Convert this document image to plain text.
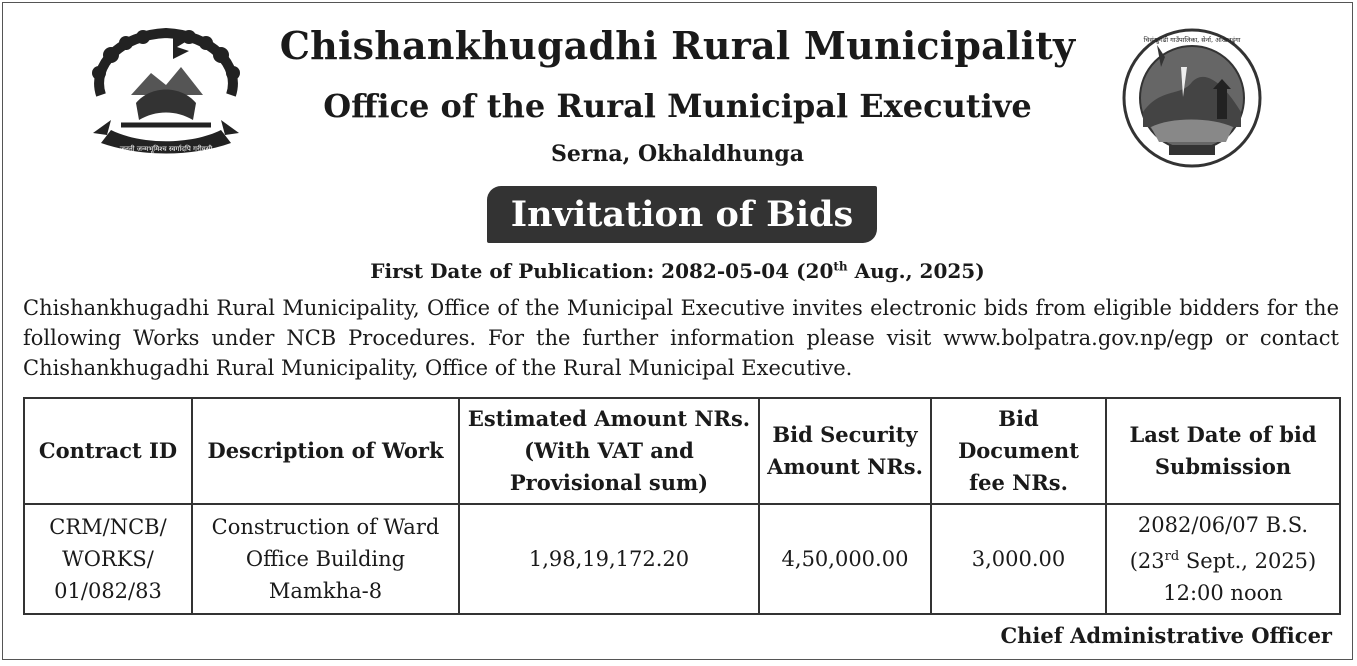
जननी जन्मभूमिश्च स्वर्गादपि गरीयसी
चिसंखुगढी गाउँपालिका, सेर्ना, ओखलढुंगा
Chishankhugadhi Rural Municipality
Office of the Rural Municipal Executive
Serna, Okhaldhunga
Invitation of Bids
First Date of Publication: 2082-05-04 (20th Aug., 2025)
Chishankhugadhi Rural Municipality, Office of the Municipal Executive invites electronic bids from eligible bidders for the following Works under NCB Procedures. For the further information please visit www.bolpatra.gov.np/egp or contact Chishankhugadhi Rural Municipality, Office of the Rural Municipal Executive.
Contract ID	Description of Work	Estimated Amount NRs. (With VAT and Provisional sum)	Bid Security Amount NRs.	Bid Document fee NRs.	Last Date of bid Submission
CRM/NCB/ WORKS/ 01/082/83	Construction of Ward Office Building Mamkha-8	1,98,19,172.20	4,50,000.00	3,000.00	2082/06/07 B.S.
(23rd Sept., 2025)
12:00 noon
Chief Administrative Officer
